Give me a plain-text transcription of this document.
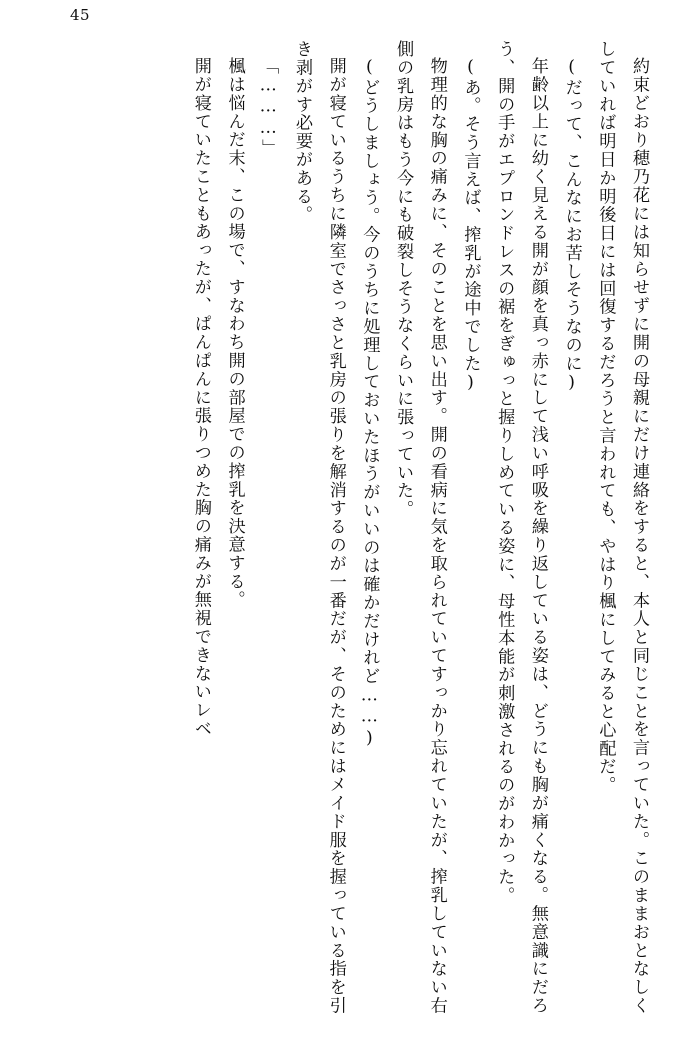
45

約束どおり穂乃花には知らせずに開の母親にだけ連絡をすると、本人と同じことを言っていた。このままおとなしくしていれば明日か明後日には回復するだろうと言われても、やはり楓にしてみると心配だ。

(だって、こんなにお苦しそうなのに)

年齢以上に幼く見える開が顔を真っ赤にして浅い呼吸を繰り返している姿は、どうにも胸が痛くなる。無意識にだろう、開の手がエプロンドレスの裾をぎゅっと握りしめている姿に、母性本能が刺激されるのがわかった。

(あ。そう言えば、搾乳が途中でした)

物理的な胸の痛みに、そのことを思い出す。開の看病に気を取られていてすっかり忘れていたが、搾乳していない右側の乳房はもう今にも破裂しそうなくらいに張っていた。

(どうしましょう。今のうちに処理しておいたほうがいいのは確かだけれど……)

開が寝ているうちに隣室でさっさと乳房の張りを解消するのが一番だが、そのためにはメイド服を握っている指を引き剥がす必要がある。

「………」

楓は悩んだ末、この場で、すなわち開の部屋での搾乳を決意する。

開が寝ていたこともあったが、ぱんぱんに張りつめた胸の痛みが無視できないレベ
